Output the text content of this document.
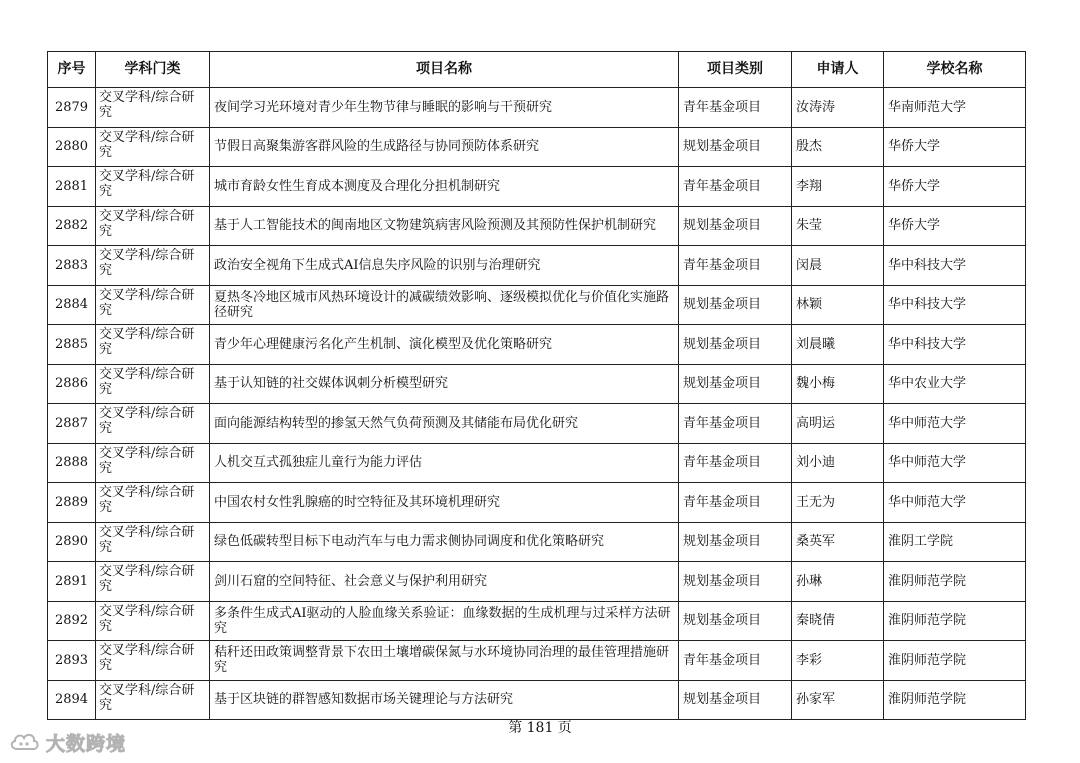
序号	学科门类	项目名称	项目类别	申请人	学校名称
2879	交叉学科/综合研究	夜间学习光环境对青少年生物节律与睡眠的影响与干预研究	青年基金项目	汝涛涛	华南师范大学
2880	交叉学科/综合研究	节假日高聚集游客群风险的生成路径与协同预防体系研究	规划基金项目	殷杰	华侨大学
2881	交叉学科/综合研究	城市育龄女性生育成本测度及合理化分担机制研究	青年基金项目	李翔	华侨大学
2882	交叉学科/综合研究	基于人工智能技术的闽南地区文物建筑病害风险预测及其预防性保护机制研究	规划基金项目	朱莹	华侨大学
2883	交叉学科/综合研究	政治安全视角下生成式AI信息失序风险的识别与治理研究	青年基金项目	闵晨	华中科技大学
2884	交叉学科/综合研究	夏热冬冷地区城市风热环境设计的减碳绩效影响、逐级模拟优化与价值化实施路径研究	规划基金项目	林颖	华中科技大学
2885	交叉学科/综合研究	青少年心理健康污名化产生机制、演化模型及优化策略研究	规划基金项目	刘晨曦	华中科技大学
2886	交叉学科/综合研究	基于认知链的社交媒体讽刺分析模型研究	规划基金项目	魏小梅	华中农业大学
2887	交叉学科/综合研究	面向能源结构转型的掺氢天然气负荷预测及其储能布局优化研究	青年基金项目	高明运	华中师范大学
2888	交叉学科/综合研究	人机交互式孤独症儿童行为能力评估	青年基金项目	刘小迪	华中师范大学
2889	交叉学科/综合研究	中国农村女性乳腺癌的时空特征及其环境机理研究	青年基金项目	王无为	华中师范大学
2890	交叉学科/综合研究	绿色低碳转型目标下电动汽车与电力需求侧协同调度和优化策略研究	规划基金项目	桑英军	淮阴工学院
2891	交叉学科/综合研究	剑川石窟的空间特征、社会意义与保护利用研究	规划基金项目	孙琳	淮阴师范学院
2892	交叉学科/综合研究	多条件生成式AI驱动的人脸血缘关系验证：血缘数据的生成机理与过采样方法研究	规划基金项目	秦晓倩	淮阴师范学院
2893	交叉学科/综合研究	秸秆还田政策调整背景下农田土壤增碳保氮与水环境协同治理的最佳管理措施研究	青年基金项目	李彩	淮阴师范学院
2894	交叉学科/综合研究	基于区块链的群智感知数据市场关键理论与方法研究	规划基金项目	孙家军	淮阴师范学院
第 181 页
大数跨境
